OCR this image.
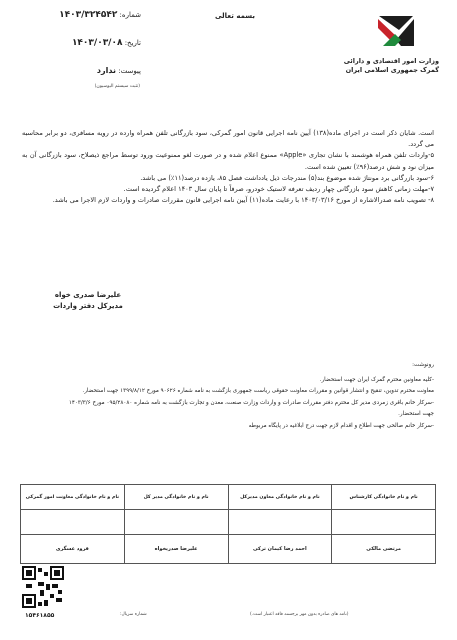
بسمه تعالی
وزارت امور اقتصادی و دارائی
گمرک جمهوری اسلامی ایران
شماره: ۱۴۰۳/۳۲۴۵۴۲
تاریخ: ۱۴۰۳/۰۳/۰۸
پیوست: ندارد
(تثبت سیستم الیوسیون)

است. شایان ذکر است در اجرای ماده(۱۳۸) آیین نامه اجرایی قانون امور گمرکی، سود بازرگانی تلفن همراه وارده در رویه مسافری، دو برابر محاسبه می گردد.

۵-واردات تلفن همراه هوشمند با نشان تجاری «Apple» ممنوع اعلام شده و در صورت لغو ممنوعیت ورود توسط مراجع ذیصلاح، سود بازرگانی آن به میزان نود و شش درصد(۹۶٪) تعیین شده است.

۶-سود بازرگانی برد مونتاژ شده موضوع بند(۵) مندرجات ذیل یادداشت فصل ۸۵، یازده درصد(۱۱٪) می باشد.

۷-مهلت زمانی کاهش سود بازرگانی چهار ردیف تعرفه لاستیک خودرو، صرفاً تا پایان سال ۱۴۰۳ اعلام گردیده است.

۸- تصویب نامه صدرالاشاره از مورخ ۱۴۰۳/۰۳/۱۶ با رعایت ماده(۱۱) آیین نامه اجرایی قانون مقررات صادرات و واردات لازم الاجرا می باشد.

علیرضا صدری خواه
مدیرکل دفتر واردات
رونوشت:
-کلیه معاونین محترم گمرک ایران جهت استحضار.
معاونت محترم تدوین، تنقیح و انتشار قوانین و مقررات معاونت حقوقی ریاست جمهوری بازگشت به نامه شماره ۹۰۶۲۶ مورخ ۱۳۹۹/۸/۱۲ جهت استحضار.
-سرکار خانم باقری زمردی مدیر کل محترم دفتر مقررات صادرات و واردات وزارت صنعت، معدن و تجارت بازگشت به نامه شماره ۰۹۵/۲۸۰۸۰ مورخ ۱۴۰۳/۳/۶
جهت استحضار.
-سرکار خانم صالحی جهت اطلاع و اقدام لازم جهت درج ابلاغیه در پایگاه مربوطه
نام و نام خانوادگی کارشناس	نام و نام خانوادگی معاون مدیرکل	نام و نام خانوادگی مدیر کل	نام و نام خانوادگی معاونت امور گمرکی

مرتضی مالکی	احمد رضا کیمان ترکی	علیرضا صدریخواه	فرود عسگری
۱۵۴۶۱۸۵۵	شماره سریال:	(نامه های صادره بدون مهر برجسته فاقد اعتبار است.)
